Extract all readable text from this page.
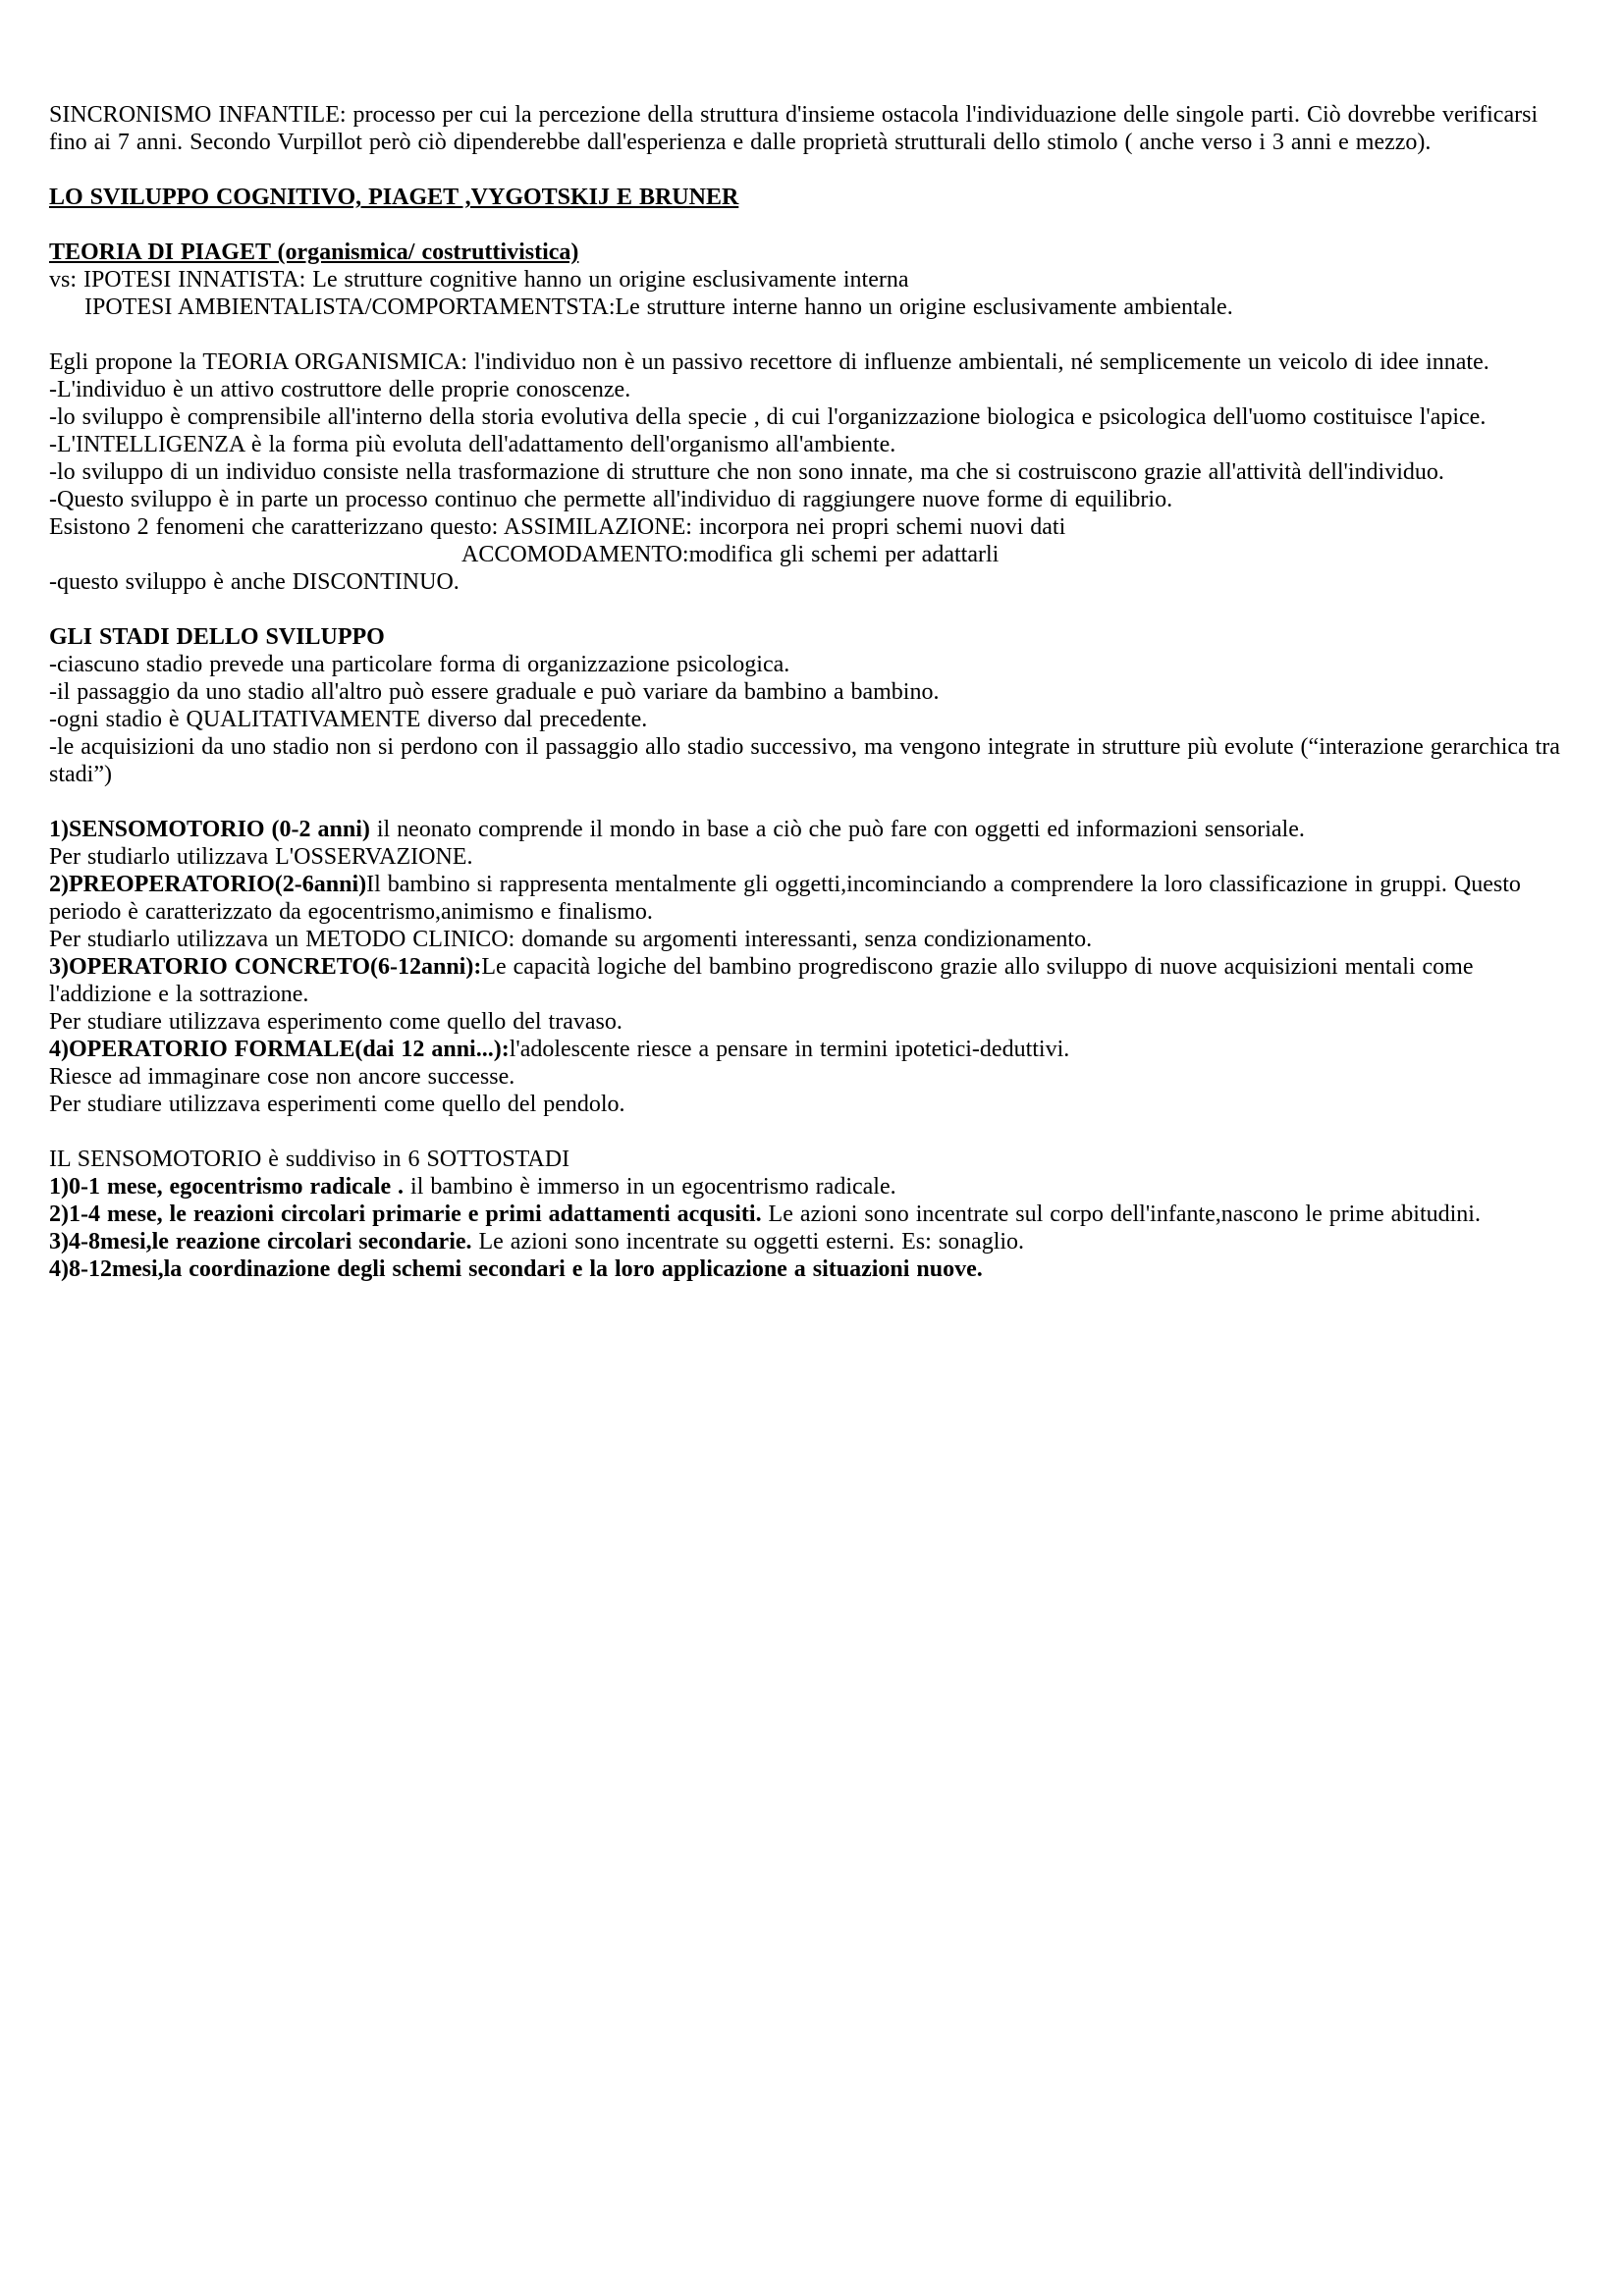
SINCRONISMO INFANTILE: processo per cui la percezione della struttura d'insieme ostacola l'individuazione delle singole parti. Ciò dovrebbe verificarsi fino ai 7 anni. Secondo Vurpillot però ciò dipenderebbe dall'esperienza e dalle proprietà strutturali dello stimolo ( anche verso i 3 anni e mezzo).

LO SVILUPPO COGNITIVO, PIAGET ,VYGOTSKIJ E BRUNER

TEORIA DI PIAGET (organismica/ costruttivistica)

vs: IPOTESI INNATISTA: Le strutture cognitive hanno un origine esclusivamente interna

IPOTESI AMBIENTALISTA/COMPORTAMENTSTA:Le strutture interne hanno un origine esclusivamente ambientale.

Egli propone la TEORIA ORGANISMICA: l'individuo non è un passivo recettore di influenze ambientali, né semplicemente un veicolo di idee innate.

-L'individuo è un attivo costruttore delle proprie conoscenze.

-lo sviluppo è comprensibile all'interno della storia evolutiva della specie , di cui l'organizzazione biologica e psicologica dell'uomo costituisce l'apice.

-L'INTELLIGENZA è la forma più evoluta dell'adattamento dell'organismo all'ambiente.

-lo sviluppo di un individuo consiste nella trasformazione di strutture che non sono innate, ma che si costruiscono grazie all'attività dell'individuo.

-Questo sviluppo è in parte un processo continuo che permette all'individuo di raggiungere nuove forme di equilibrio.

Esistono 2 fenomeni che caratterizzano questo: ASSIMILAZIONE: incorpora nei propri schemi nuovi dati

ACCOMODAMENTO:modifica gli schemi per adattarli

-questo sviluppo è anche DISCONTINUO.

GLI STADI DELLO SVILUPPO

-ciascuno stadio prevede una particolare forma di organizzazione psicologica.

-il passaggio da uno stadio all'altro può essere graduale e può variare da bambino a bambino.

-ogni stadio è QUALITATIVAMENTE diverso dal precedente.

-le acquisizioni da uno stadio non si perdono con il passaggio allo stadio successivo, ma vengono integrate in strutture più evolute (“interazione gerarchica tra stadi”)

1)SENSOMOTORIO (0-2 anni) il neonato comprende il mondo in base a ciò che può fare con oggetti ed informazioni sensoriale.

Per studiarlo utilizzava L'OSSERVAZIONE.

2)PREOPERATORIO(2-6anni)Il bambino si rappresenta mentalmente gli oggetti,incominciando a comprendere la loro classificazione in gruppi. Questo periodo è caratterizzato da egocentrismo,animismo e finalismo.

Per studiarlo utilizzava un METODO CLINICO: domande su argomenti interessanti, senza condizionamento.

3)OPERATORIO CONCRETO(6-12anni):Le capacità logiche del bambino progrediscono grazie allo sviluppo di nuove acquisizioni mentali come l'addizione e la sottrazione.

Per studiare utilizzava esperimento come quello del travaso.

4)OPERATORIO FORMALE(dai 12 anni...):l'adolescente riesce a pensare in termini ipotetici-deduttivi.

Riesce ad immaginare cose non ancore successe.

Per studiare utilizzava esperimenti come quello del pendolo.

IL SENSOMOTORIO è suddiviso in 6 SOTTOSTADI

1)0-1 mese, egocentrismo radicale . il bambino è immerso in un egocentrismo radicale.

2)1-4 mese, le reazioni circolari primarie e primi adattamenti acqusiti. Le azioni sono incentrate sul corpo dell'infante,nascono le prime abitudini.

3)4-8mesi,le reazione circolari secondarie. Le azioni sono incentrate su oggetti esterni. Es: sonaglio.

4)8-12mesi,la coordinazione degli schemi secondari e la loro applicazione a situazioni nuove.
